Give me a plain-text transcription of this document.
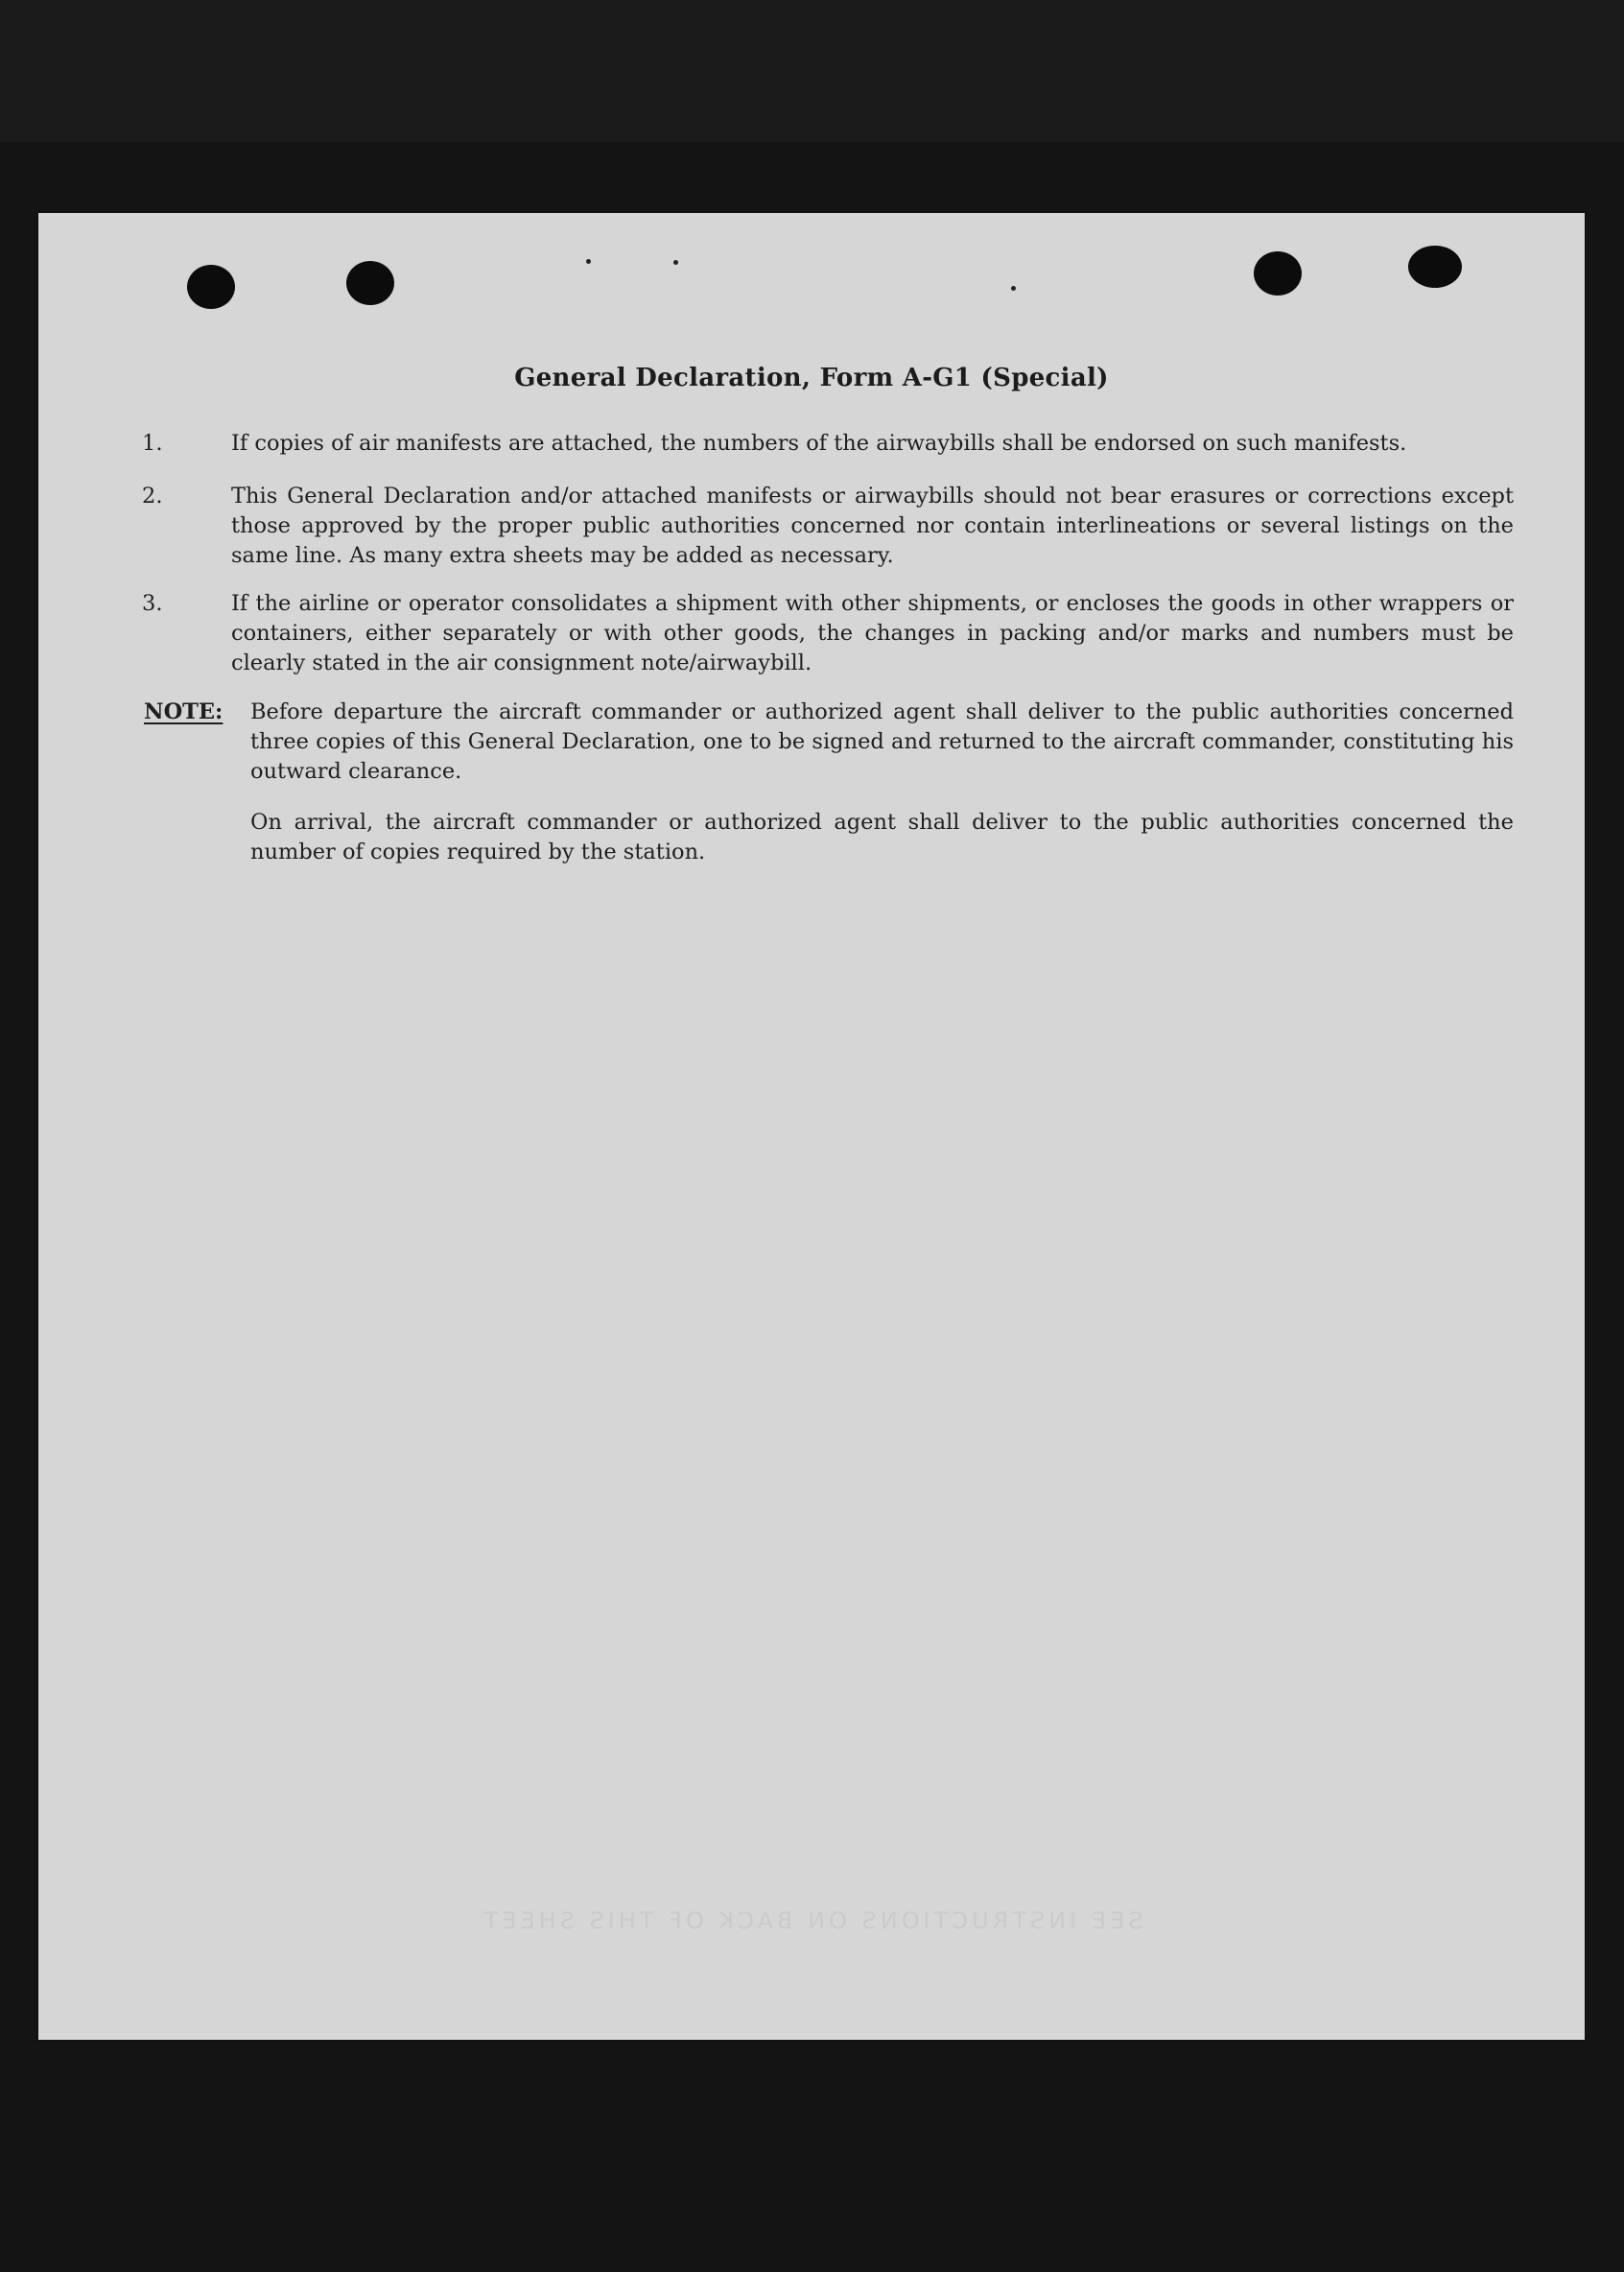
General Declaration, Form A-G1 (Special)
1.	If copies of air manifests are attached, the numbers of the airwaybills shall be endorsed on such manifests.
2.	This General Declaration and/or attached manifests or airwaybills should not bear erasures or corrections except those approved by the proper public authorities concerned nor contain interlineations or several listings on the same line. As many extra sheets may be added as necessary.
3.	If the airline or operator consolidates a shipment with other shipments, or encloses the goods in other wrappers or containers, either separately or with other goods, the changes in packing and/or marks and numbers must be clearly stated in the air consignment note/airwaybill.
NOTE: Before departure the aircraft commander or authorized agent shall deliver to the public authorities concerned three copies of this General Declaration, one to be signed and returned to the aircraft commander, constituting his outward clearance.
On arrival, the aircraft commander or authorized agent shall deliver to the public authorities concerned the number of copies required by the station.
SEE INSTRUCTIONS ON BACK OF THIS SHEET
